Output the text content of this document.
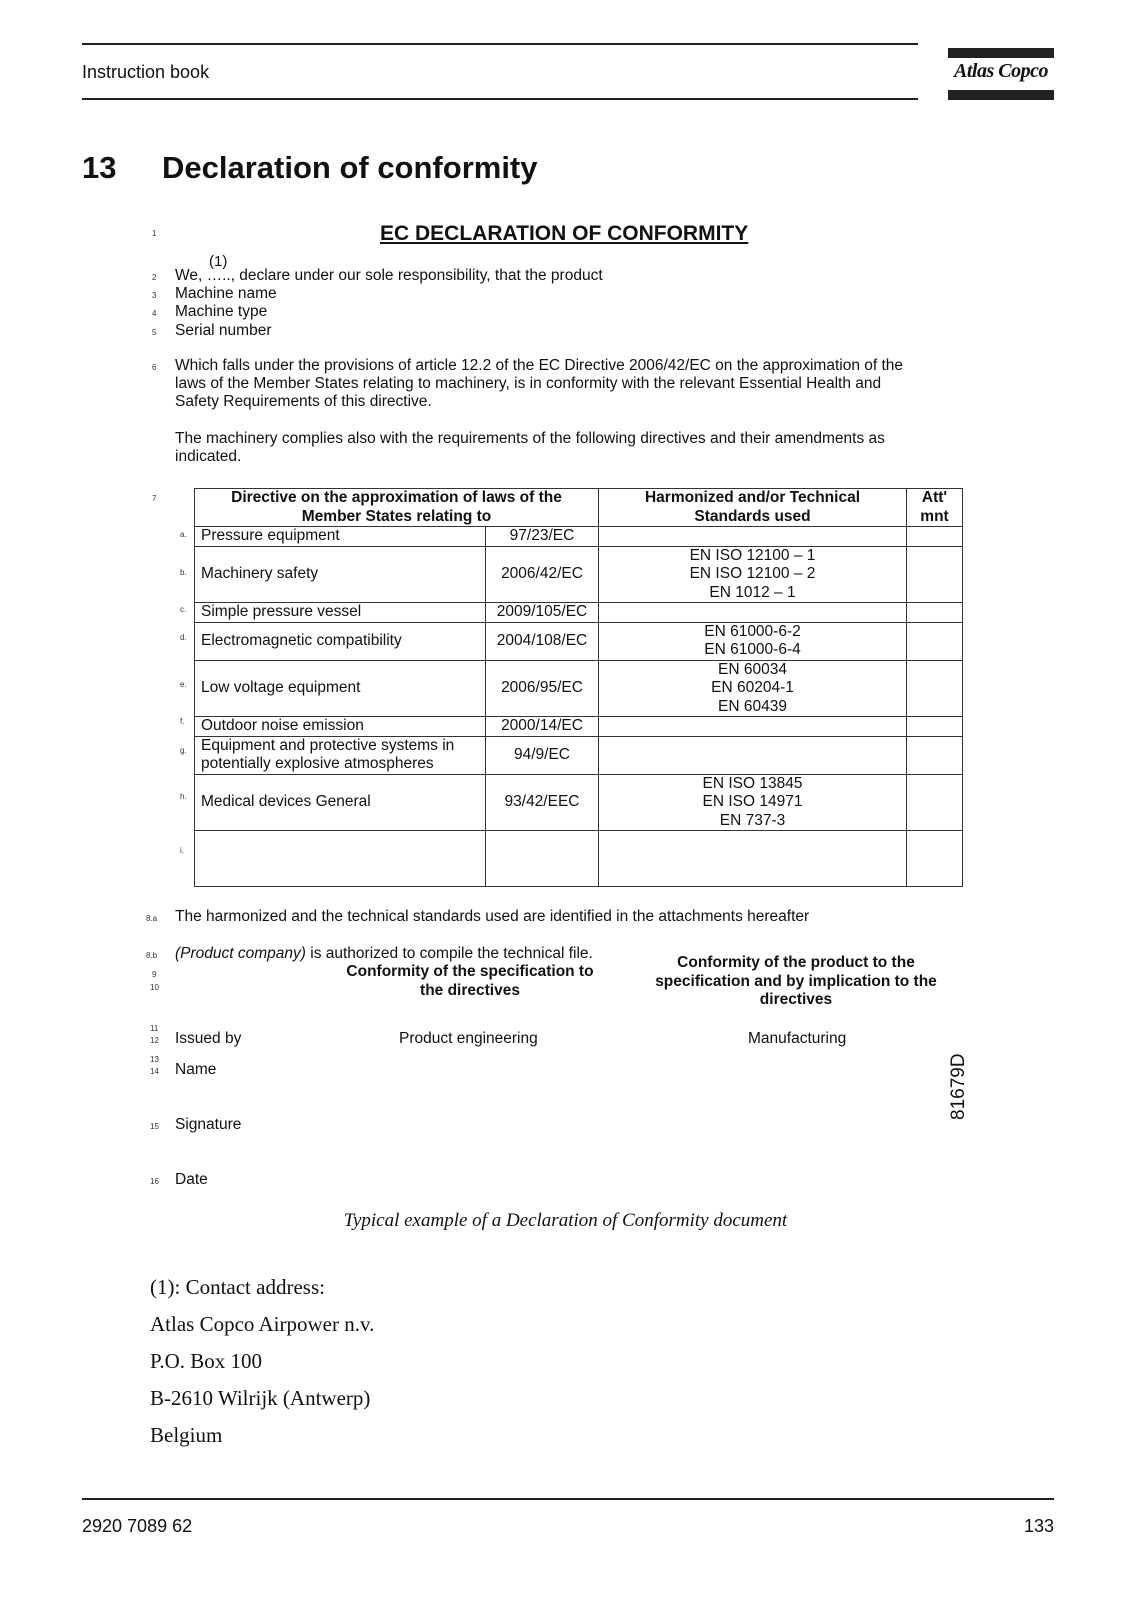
Instruction book	Atlas Copco
13 Declaration of conformity
1	EC DECLARATION OF CONFORMITY
(1)
2 We, ….., declare under our sole responsibility, that the product
3 Machine name
4 Machine type
5 Serial number
6 Which falls under the provisions of article 12.2 of the EC Directive 2006/42/EC on the approximation of the
laws of the Member States relating to machinery, is in conformity with the relevant Essential Health and
Safety Requirements of this directive.
The machinery complies also with the requirements of the following directives and their amendments as
indicated.
7
a.
b.
c.
d.
e.
f.
g.
h.
i.
Directive on the approximation of laws of the Member States relating to		Harmonized and/or Technical Standards used	Att' mnt
Pressure equipment	97/23/EC		
Machinery safety	2006/42/EC	EN ISO 12100 – 1
EN ISO 12100 – 2
EN 1012 – 1	

Simple pressure vessel	2009/105/EC		
Electromagnetic compatibility	2004/108/EC	EN 61000-6-2
EN 61000-6-4	

Low voltage equipment	2006/95/EC	EN 60034
EN 60204-1
EN 60439	

Outdoor noise emission	2000/14/EC		
Equipment and protective systems in potentially explosive atmospheres	94/9/EC		
Medical devices General	93/42/EEC	EN ISO 13845
EN ISO 14971
EN 737-3	

8.a The harmonized and the technical standards used are identified in the attachments hereafter
8.b (Product company) is authorized to compile the technical file.
9
10
Conformity of the specification to the directives
Conformity of the product to the specification and by implication to the directives
11
12 Issued by	Product engineering	Manufacturing
13
14 Name
15 Signature
16 Date
81679D
Typical example of a Declaration of Conformity document
(1): Contact address:
Atlas Copco Airpower n.v.
P.O. Box 100
B-2610 Wilrijk (Antwerp)
Belgium
2920 7089 62	133
